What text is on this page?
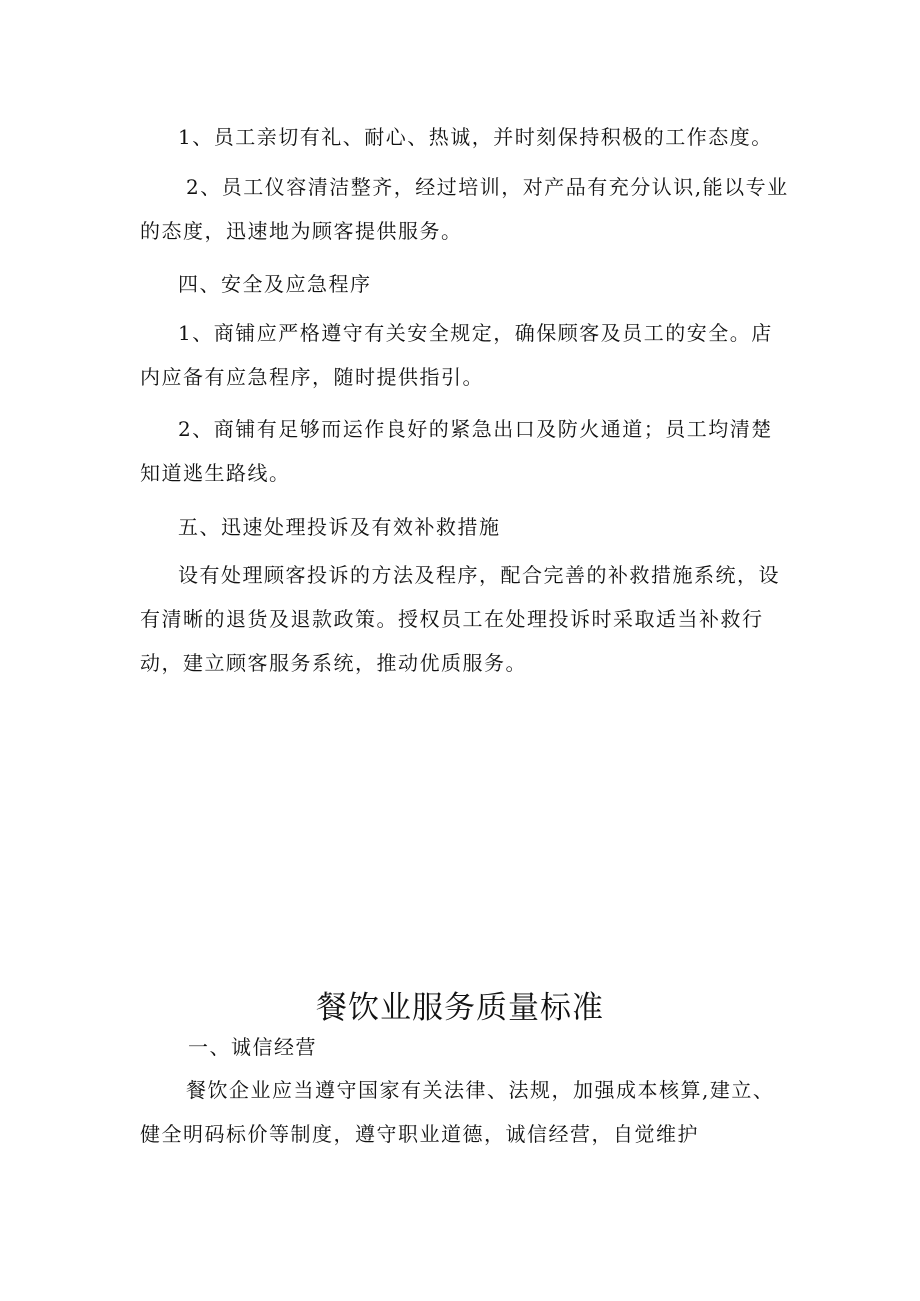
1、员工亲切有礼、耐心、热诚，并时刻保持积极的工作态度。

2、员工仪容清洁整齐，经过培训，对产品有充分认识,能以专业的态度，迅速地为顾客提供服务。

四、安全及应急程序

1、商铺应严格遵守有关安全规定，确保顾客及员工的安全。店内应备有应急程序，随时提供指引。

2、商铺有足够而运作良好的紧急出口及防火通道；员工均清楚知道逃生路线。

五、迅速处理投诉及有效补救措施

设有处理顾客投诉的方法及程序，配合完善的补救措施系统，设有清晰的退货及退款政策。授权员工在处理投诉时采取适当补救行动，建立顾客服务系统，推动优质服务。

餐饮业服务质量标准

一、诚信经营

餐饮企业应当遵守国家有关法律、法规，加强成本核算,建立、健全明码标价等制度，遵守职业道德，诚信经营，自觉维护
